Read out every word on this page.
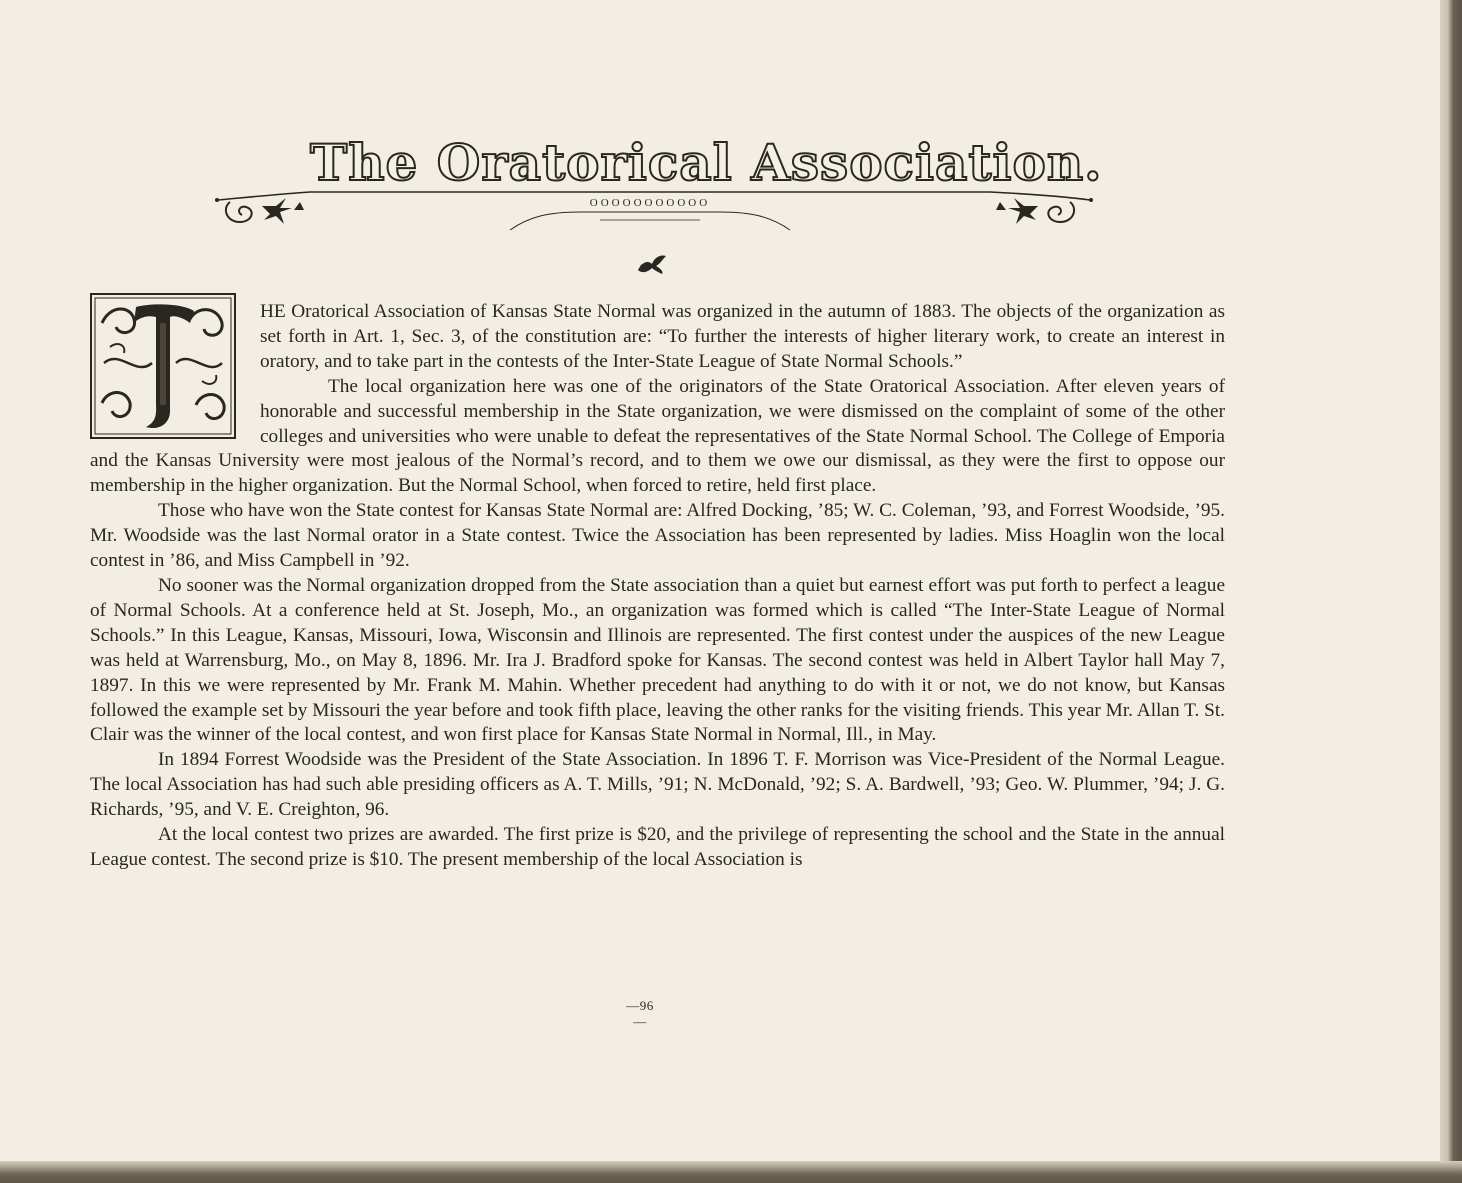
The Oratorical Association.
OOOOOOOOOOO

HE Oratorical Association of Kansas State Normal was organized in the autumn of 1883. The objects of the organization as set forth in Art. 1, Sec. 3, of the constitution are: “To further the interests of higher literary work, to create an interest in oratory, and to take part in the contests of the Inter-State League of State Normal Schools.”

The local organization here was one of the originators of the State Oratorical Association. After eleven years of honorable and successful membership in the State organization, we were dismissed on the complaint of some of the other colleges and universities who were unable to defeat the representatives of the State Normal School. The College of Emporia and the Kansas University were most jealous of the Normal’s record, and to them we owe our dismissal, as they were the first to oppose our membership in the higher organization. But the Normal School, when forced to retire, held first place.

Those who have won the State contest for Kansas State Normal are: Alfred Docking, ’85; W. C. Coleman, ’93, and Forrest Woodside, ’95. Mr. Woodside was the last Normal orator in a State contest. Twice the Association has been represented by ladies. Miss Hoaglin won the local contest in ’86, and Miss Campbell in ’92.

No sooner was the Normal organization dropped from the State association than a quiet but earnest effort was put forth to perfect a league of Normal Schools. At a conference held at St. Joseph, Mo., an organization was formed which is called “The Inter-State League of Normal Schools.” In this League, Kansas, Missouri, Iowa, Wisconsin and Illinois are represented. The first contest under the auspices of the new League was held at Warrensburg, Mo., on May 8, 1896. Mr. Ira J. Bradford spoke for Kansas. The second contest was held in Albert Taylor hall May 7, 1897. In this we were represented by Mr. Frank M. Mahin. Whether precedent had anything to do with it or not, we do not know, but Kansas followed the example set by Missouri the year before and took fifth place, leaving the other ranks for the visiting friends. This year Mr. Allan T. St. Clair was the winner of the local contest, and won first place for Kansas State Normal in Normal, Ill., in May.

In 1894 Forrest Woodside was the President of the State Association. In 1896 T. F. Morrison was Vice-President of the Normal League. The local Association has had such able presiding officers as A. T. Mills, ’91; N. McDonald, ’92; S. A. Bardwell, ’93; Geo. W. Plummer, ’94; J. G. Richards, ’95, and V. E. Creighton, 96.

At the local contest two prizes are awarded. The first prize is $20, and the privilege of representing the school and the State in the annual League contest. The second prize is $10. The present membership of the local Association is

—96—
